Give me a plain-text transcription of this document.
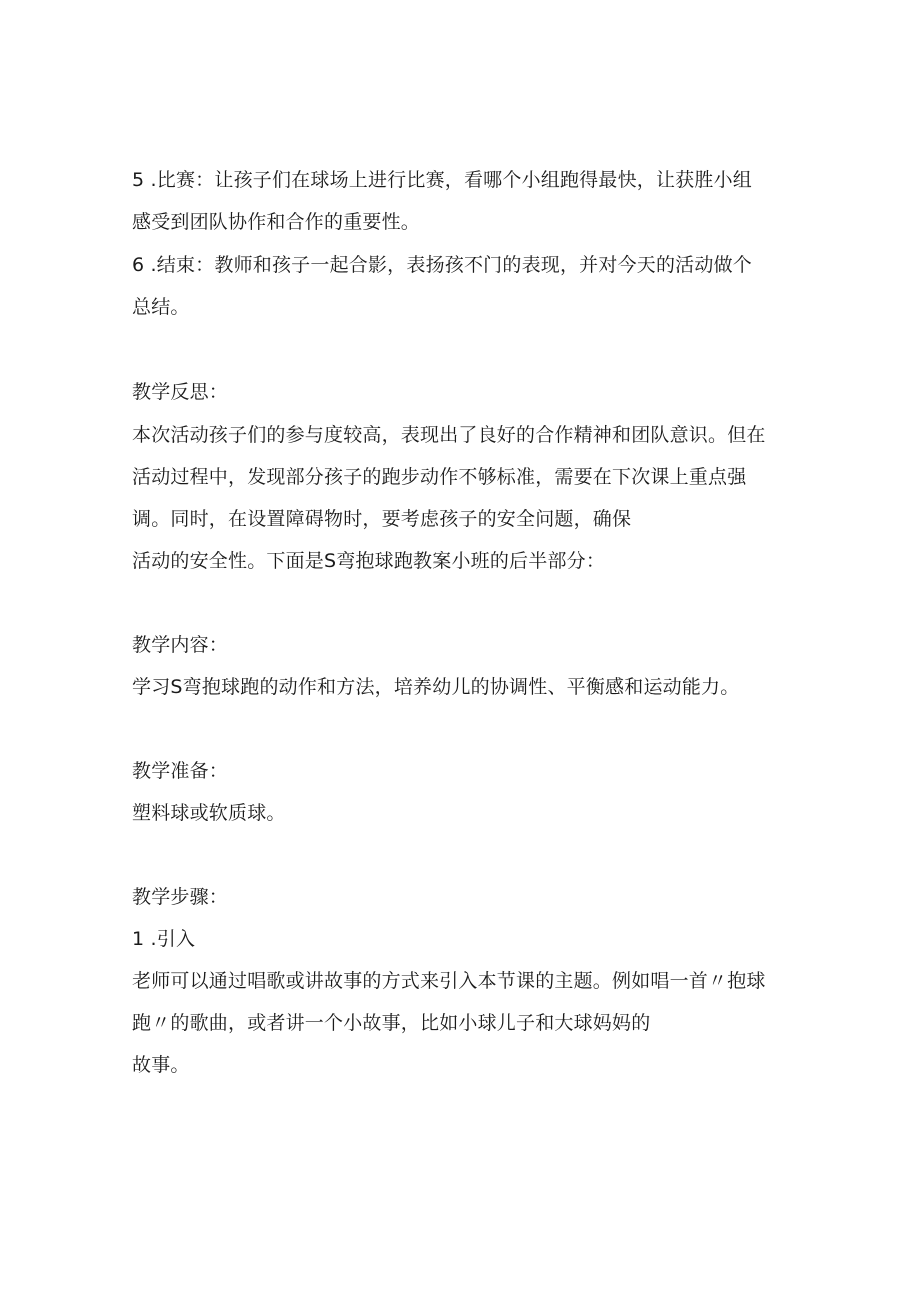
5 .比赛：让孩子们在球场上进行比赛，看哪个小组跑得最快，让获胜小组
感受到团队协作和合作的重要性。
6 .结束：教师和孩子一起合影，表扬孩不门的表现，并对今天的活动做个
总结。
教学反思：
本次活动孩子们的参与度较高，表现出了良好的合作精神和团队意识。但在
活动过程中，发现部分孩子的跑步动作不够标准，需要在下次课上重点强
调。同时，在设置障碍物时，要考虑孩子的安全问题，确保
活动的安全性。下面是S弯抱球跑教案小班的后半部分：
教学内容：
学习S弯抱球跑的动作和方法，培养幼儿的协调性、平衡感和运动能力。
教学准备：
塑料球或软质球。
教学步骤：
1 .引入
老师可以通过唱歌或讲故事的方式来引入本节课的主题。例如唱一首〃抱球
跑〃的歌曲，或者讲一个小故事，比如小球儿子和大球妈妈的
故事。
